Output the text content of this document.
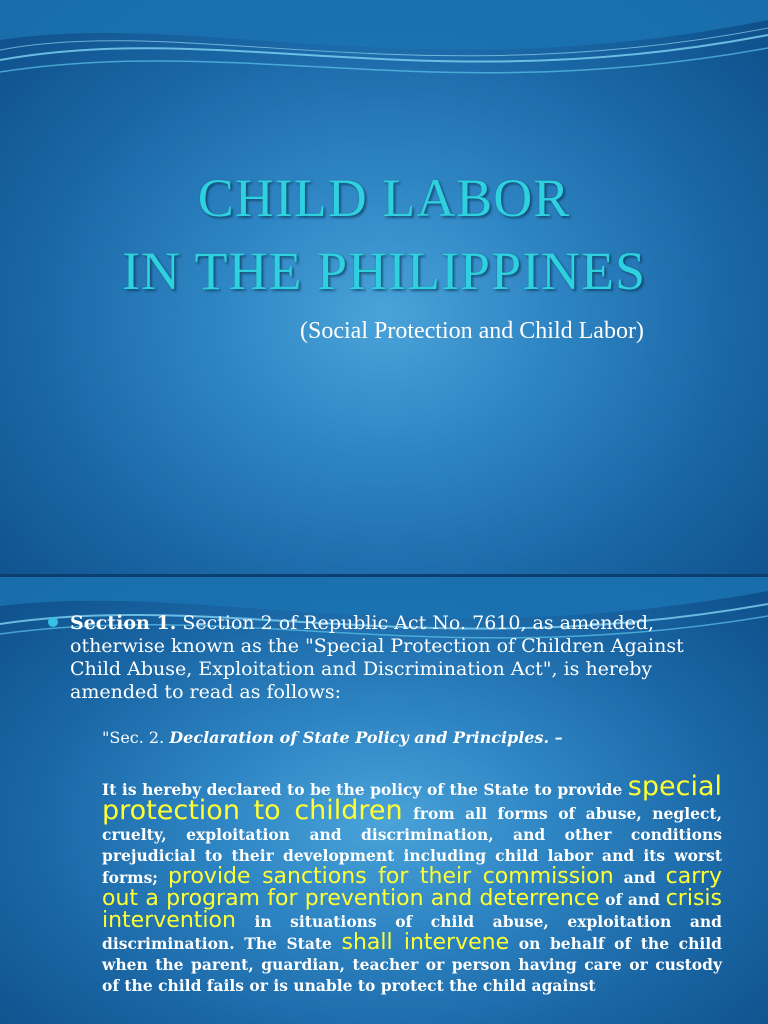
CHILD LABOR
IN THE PHILIPPINES
(Social Protection and Child Labor)
Section 1. Section 2 of Republic Act No. 7610, as amended, otherwise known as the "Special Protection of Children Against Child Abuse, Exploitation and Discrimination Act", is hereby amended to read as follows:
"Sec. 2. Declaration of State Policy and Principles. –
It is hereby declared to be the policy of the State to provide special protection to children from all forms of abuse, neglect, cruelty, exploitation and discrimination, and other conditions prejudicial to their development including child labor and its worst forms; provide sanctions for their commission and carry out a program for prevention and deterrence of and crisis intervention in situations of child abuse, exploitation and discrimination. The State shall intervene on behalf of the child when the parent, guardian, teacher or person having care or custody of the child fails or is unable to protect the child against
